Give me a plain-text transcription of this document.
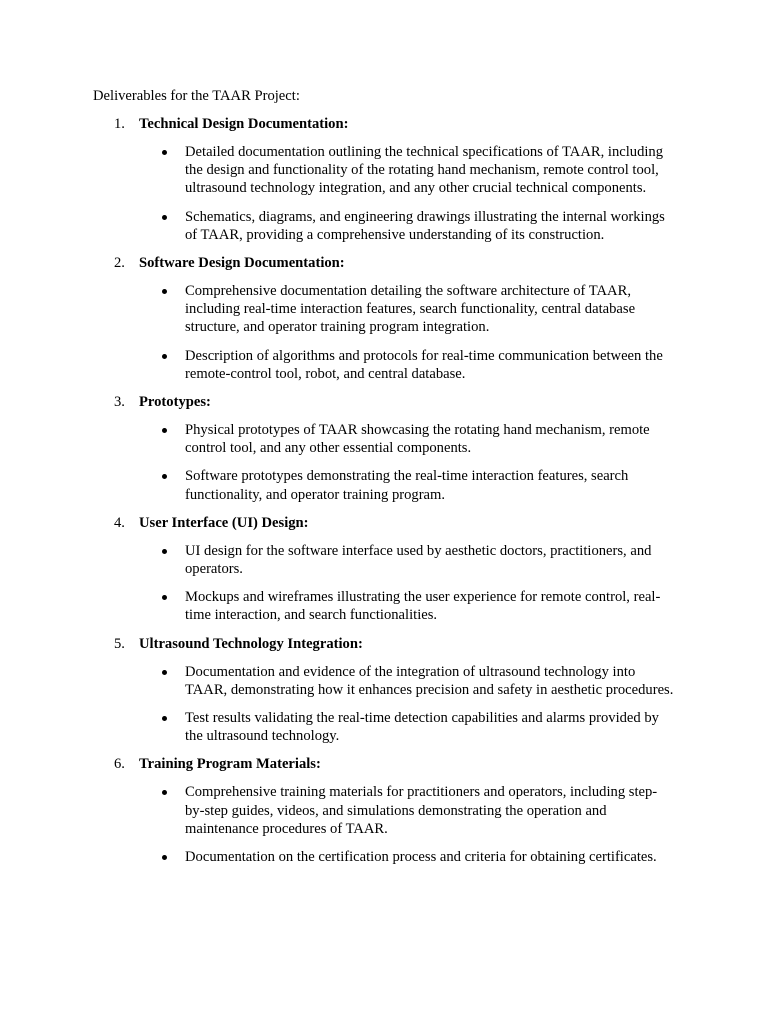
Deliverables for the TAAR Project:
1. Technical Design Documentation:
Detailed documentation outlining the technical specifications of TAAR, including the design and functionality of the rotating hand mechanism, remote control tool, ultrasound technology integration, and any other crucial technical components.
Schematics, diagrams, and engineering drawings illustrating the internal workings of TAAR, providing a comprehensive understanding of its construction.
2. Software Design Documentation:
Comprehensive documentation detailing the software architecture of TAAR, including real-time interaction features, search functionality, central database structure, and operator training program integration.
Description of algorithms and protocols for real-time communication between the remote-control tool, robot, and central database.
3. Prototypes:
Physical prototypes of TAAR showcasing the rotating hand mechanism, remote control tool, and any other essential components.
Software prototypes demonstrating the real-time interaction features, search functionality, and operator training program.
4. User Interface (UI) Design:
UI design for the software interface used by aesthetic doctors, practitioners, and operators.
Mockups and wireframes illustrating the user experience for remote control, real-time interaction, and search functionalities.
5. Ultrasound Technology Integration:
Documentation and evidence of the integration of ultrasound technology into TAAR, demonstrating how it enhances precision and safety in aesthetic procedures.
Test results validating the real-time detection capabilities and alarms provided by the ultrasound technology.
6. Training Program Materials:
Comprehensive training materials for practitioners and operators, including step-by-step guides, videos, and simulations demonstrating the operation and maintenance procedures of TAAR.
Documentation on the certification process and criteria for obtaining certificates.
